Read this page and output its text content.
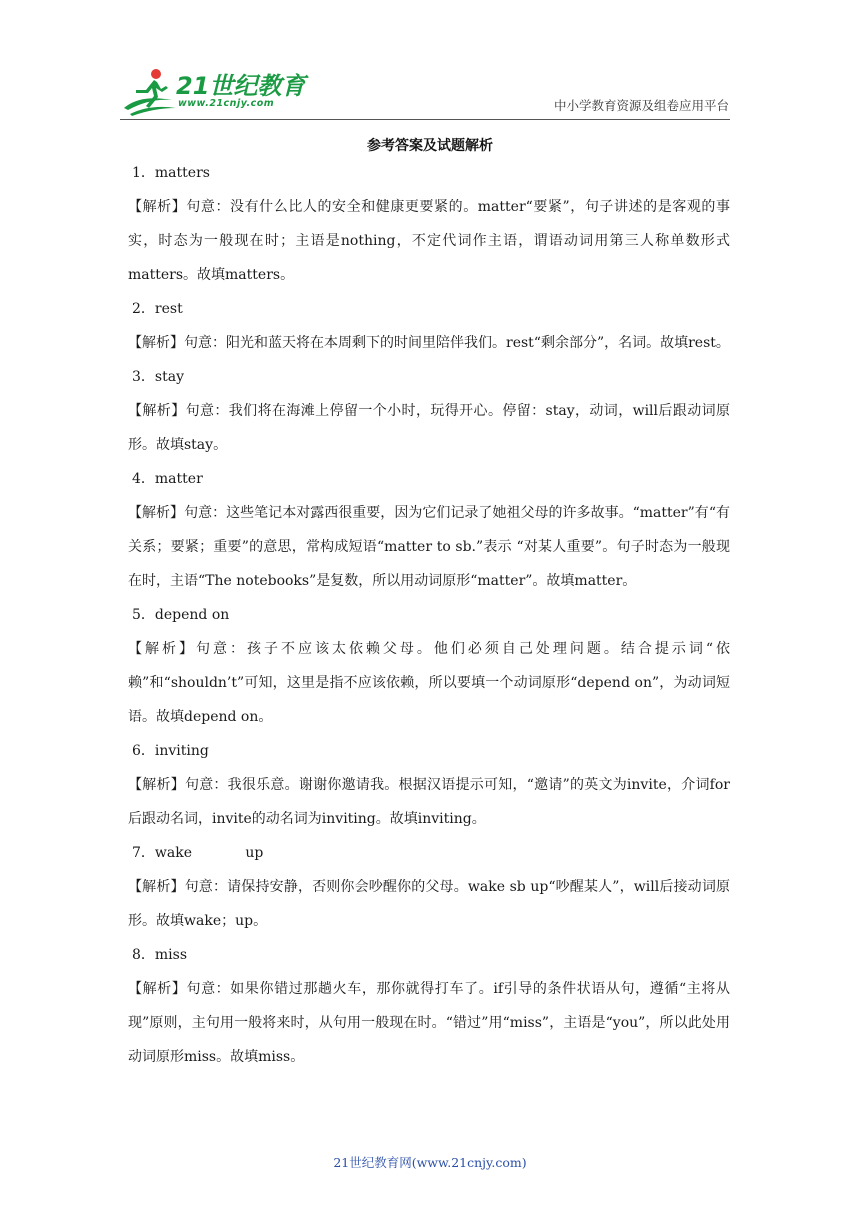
21世纪教育
www.21cnjy.com	中小学教育资源及组卷应用平台
参考答案及试题解析

1．matters

【解析】句意：没有什么比人的安全和健康更要紧的。matter“要紧”，句子讲述的是客观的事实，时态为一般现在时；主语是nothing，不定代词作主语，谓语动词用第三人称单数形式matters。故填matters。

2．rest

【解析】句意：阳光和蓝天将在本周剩下的时间里陪伴我们。rest“剩余部分”，名词。故填rest。

3．stay

【解析】句意：我们将在海滩上停留一个小时，玩得开心。停留：stay，动词，will后跟动词原形。故填stay。

4．matter

【解析】句意：这些笔记本对露西很重要，因为它们记录了她祖父母的许多故事。“matter”有“有关系；要紧；重要”的意思，常构成短语“matter to sb.”表示 “对某人重要”。句子时态为一般现在时，主语“The notebooks”是复数，所以用动词原形“matter”。故填matter。

5．depend on

【解析】句意：孩子不应该太依赖父母。他们必须自己处理问题。结合提示词“依赖”和“shouldn’t”可知，这里是指不应该依赖，所以要填一个动词原形“depend on”，为动词短语。故填depend on。

6．inviting

【解析】句意：我很乐意。谢谢你邀请我。根据汉语提示可知，“邀请”的英文为invite，介词for后跟动名词，invite的动名词为inviting。故填inviting。

7．wake            up

【解析】句意：请保持安静，否则你会吵醒你的父母。wake sb up“吵醒某人”，will后接动词原形。故填wake；up。

8．miss

【解析】句意：如果你错过那趟火车，那你就得打车了。if引导的条件状语从句，遵循“主将从现”原则，主句用一般将来时，从句用一般现在时。“错过”用“miss”，主语是“you”，所以此处用动词原形miss。故填miss。

21世纪教育网(www.21cnjy.com)
